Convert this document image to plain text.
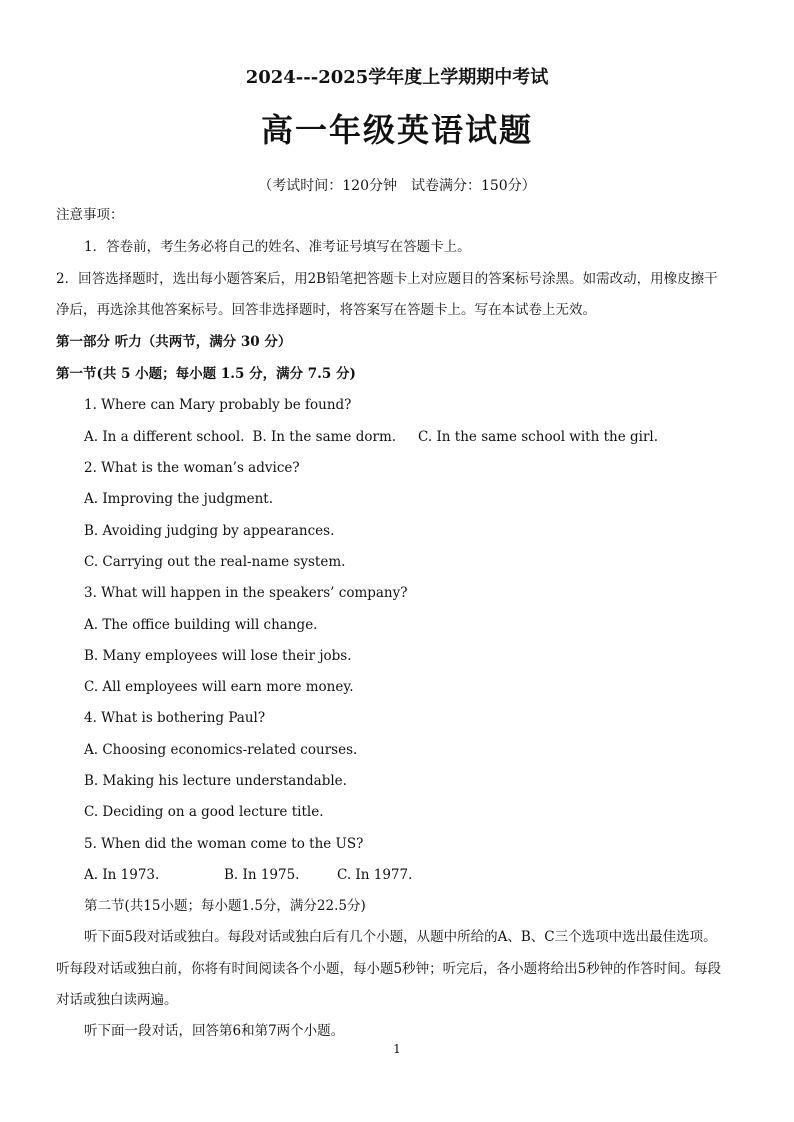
2024---2025学年度上学期期中考试
高一年级英语试题
（考试时间：120分钟　试卷满分：150分）
注意事项：
1．答卷前，考生务必将自己的姓名、准考证号填写在答题卡上。
2．回答选择题时，选出每小题答案后，用2B铅笔把答题卡上对应题目的答案标号涂黑。如需改动，用橡皮擦干
净后，再选涂其他答案标号。回答非选择题时，将答案写在答题卡上。写在本试卷上无效。
第一部分 听力（共两节，满分 30 分）
第一节(共 5 小题；每小题 1.5 分，满分 7.5 分)
1. Where can Mary probably be found?
A. In a different school. B. In the same dorm. C. In the same school with the girl.
2. What is the woman’s advice?
A. Improving the judgment.
B. Avoiding judging by appearances.
C. Carrying out the real-name system.
3. What will happen in the speakers’ company?
A. The office building will change.
B. Many employees will lose their jobs.
C. All employees will earn more money.
4. What is bothering Paul?
A. Choosing economics-related courses.
B. Making his lecture understandable.
C. Deciding on a good lecture title.
5. When did the woman come to the US?
A. In 1973.	B. In 1975.	C. In 1977.
第二节(共15小题；每小题1.5分，满分22.5分)
听下面5段对话或独白。每段对话或独白后有几个小题，从题中所给的A、B、C三个选项中选出最佳选项。
听每段对话或独白前，你将有时间阅读各个小题，每小题5秒钟；听完后，各小题将给出5秒钟的作答时间。每段
对话或独白读两遍。
听下面一段对话，回答第6和第7两个小题。
1
